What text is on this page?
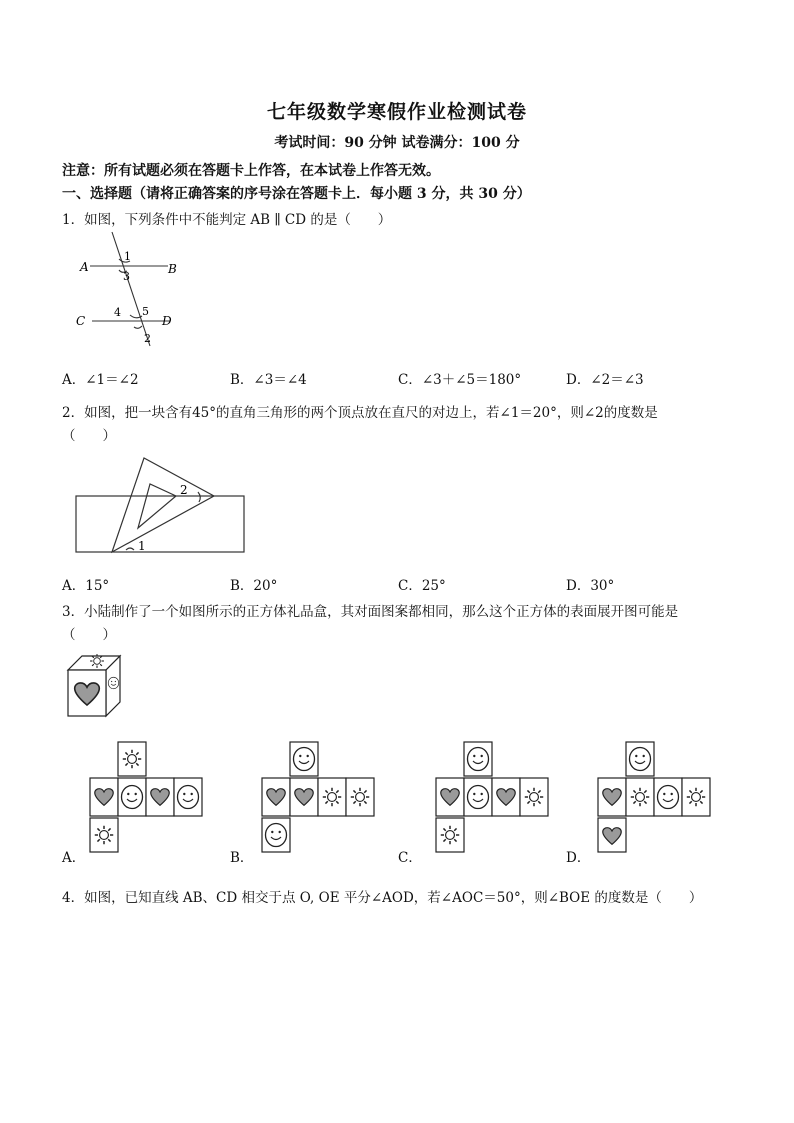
七年级数学寒假作业检测试卷
考试时间：90 分钟 试卷满分：100 分
注意：所有试题必须在答题卡上作答，在本试卷上作答无效。
一、选择题（请将正确答案的序号涂在答题卡上．每小题 3 分，共 30 分）
1．如图，下列条件中不能判定 AB ∥ CD 的是（　　）
A	B
C	D
1
3
4 5
2
A．∠1＝∠2	B．∠3＝∠4	C．∠3＋∠5＝180°	D．∠2＝∠3
2．如图，把一块含有45°的直角三角形的两个顶点放在直尺的对边上，若∠1＝20°，则∠2的度数是
（　　）
2
1
A．15°	B．20°	C．25°	D．30°
3．小陆制作了一个如图所示的正方体礼品盒，其对面图案都相同，那么这个正方体的表面展开图可能是
（　　）
A．	B．	C．	D．
4．如图，已知直线 AB、CD 相交于点 O, OE 平分∠AOD，若∠AOC＝50°，则∠BOE 的度数是（　　）
